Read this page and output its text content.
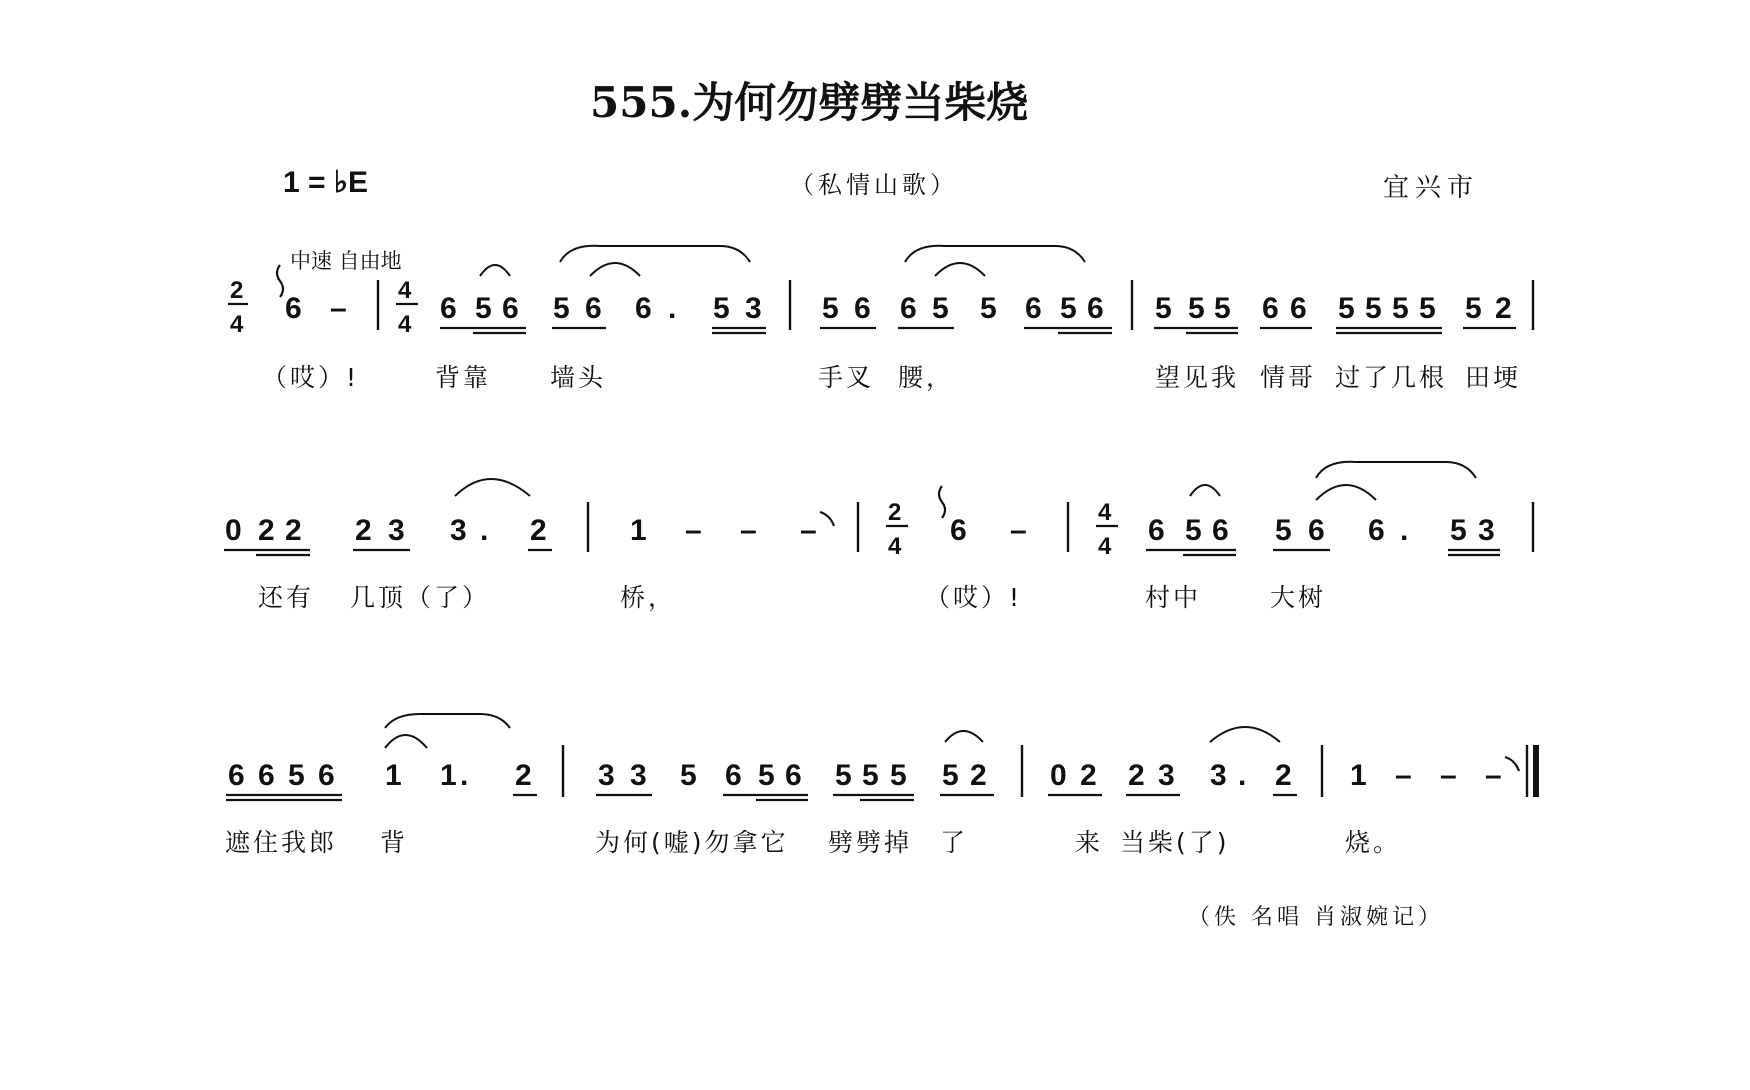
555.为何勿劈劈当柴烧
1 = ♭E	（私情山歌）	宜兴市
中速 自由地
2
4 6 –
4
4 6 5 6 5 6 6 . 5 3 5 6 6 5 5 6 5 6 5 5 5 6 6 5 5 5 5 5 2
0 2 2 2 3 3 . 2	1 – – –
2
4 6 –
4
4 6 5 6 5 6 6 . 5 3
6 6 5 6 1 1 . 2 3 3 5 6 5 6 5 5 5 5 2 0 2 2 3 3 . 2 1 – – –
（哎）!	背靠 墙头	手叉 腰，	望见我 情哥 过了几根 田埂
还有 几顶（了）	桥，	（哎）!	村中	大树
遮住我郎 背	为何(嘘)勿拿它 劈劈掉 了	来 当柴(了)	烧。
（佚 名唱 肖淑婉记）
